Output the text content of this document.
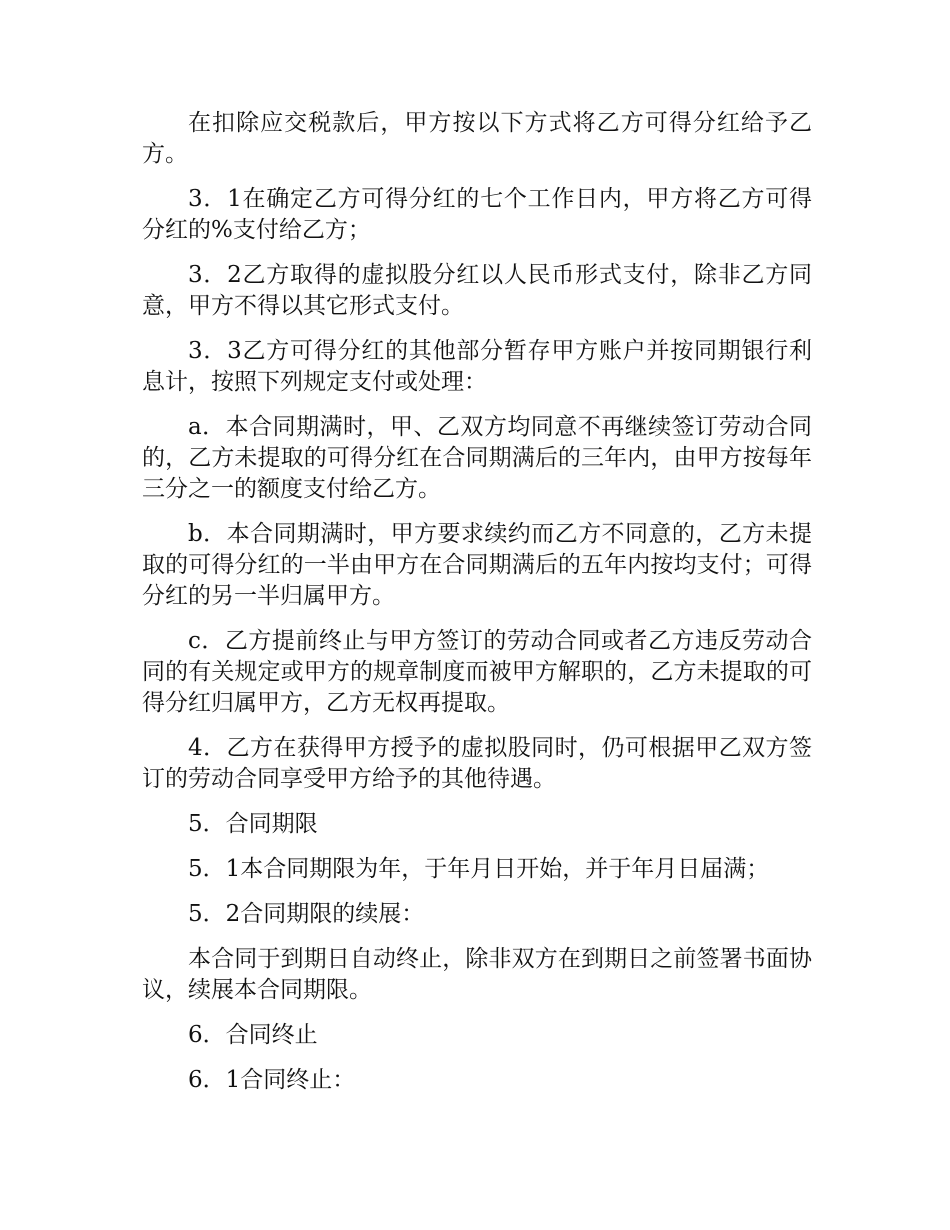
在扣除应交税款后，甲方按以下方式将乙方可得分红给予乙方。

3．1在确定乙方可得分红的七个工作日内，甲方将乙方可得分红的%支付给乙方；

3．2乙方取得的虚拟股分红以人民币形式支付，除非乙方同意，甲方不得以其它形式支付。

3．3乙方可得分红的其他部分暂存甲方账户并按同期银行利息计，按照下列规定支付或处理：

a．本合同期满时，甲、乙双方均同意不再继续签订劳动合同的，乙方未提取的可得分红在合同期满后的三年内，由甲方按每年三分之一的额度支付给乙方。

b．本合同期满时，甲方要求续约而乙方不同意的，乙方未提取的可得分红的一半由甲方在合同期满后的五年内按均支付；可得分红的另一半归属甲方。

c．乙方提前终止与甲方签订的劳动合同或者乙方违反劳动合同的有关规定或甲方的规章制度而被甲方解职的，乙方未提取的可得分红归属甲方，乙方无权再提取。

4．乙方在获得甲方授予的虚拟股同时，仍可根据甲乙双方签订的劳动合同享受甲方给予的其他待遇。

5．合同期限

5．1本合同期限为年，于年月日开始，并于年月日届满；

5．2合同期限的续展：

本合同于到期日自动终止，除非双方在到期日之前签署书面协议，续展本合同期限。

6．合同终止

6．1合同终止：
